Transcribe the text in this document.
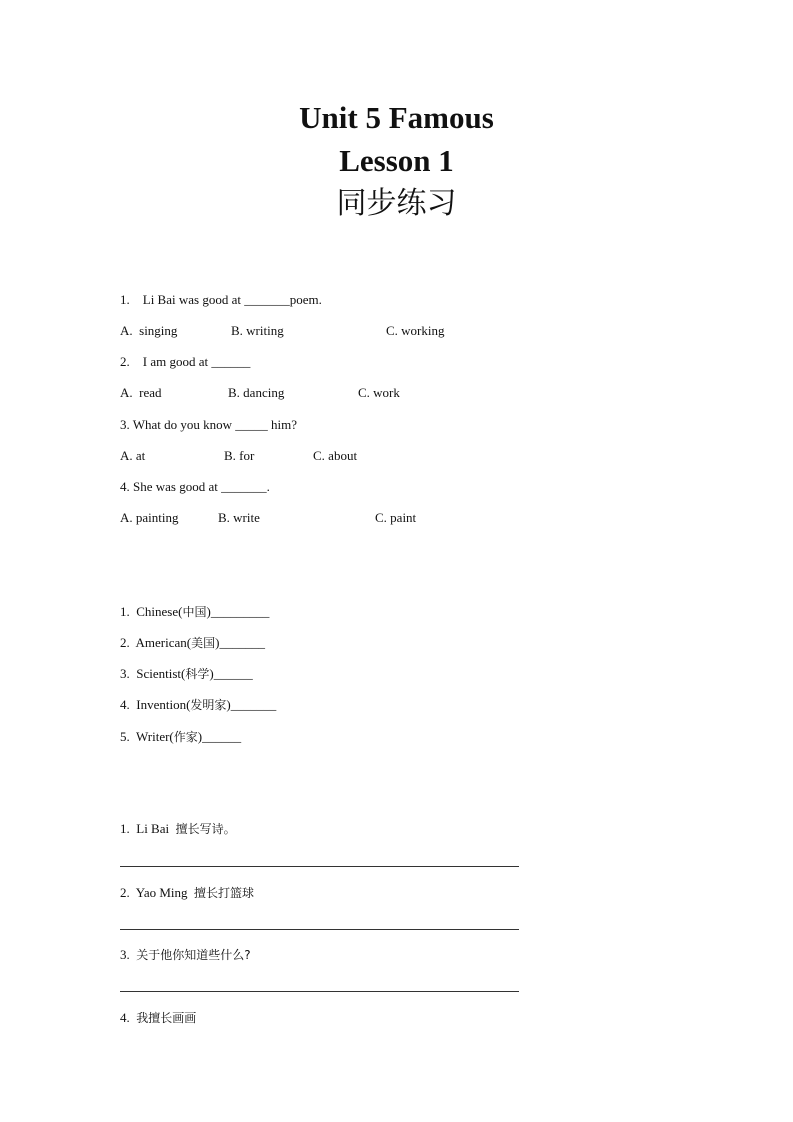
Unit 5 Famous
Lesson 1
同步练习
1.    Li Bai was good at _______poem.
A.  singing	B. writing	C. working
2.    I am good at ______
A.  read	B. dancing	C. work
3. What do you know _____ him?
A. at	B. for	C. about
4. She was good at _______.
A. painting	B. write	C. paint
1.  Chinese(中国)_________
2.  American(美国)_______
3.  Scientist(科学)______
4.  Invention(发明家)_______
5.  Writer(作家)______
1.  Li Bai  擅长写诗。
2.  Yao Ming  擅长打篮球
3.  关于他你知道些什么?
4.  我擅长画画
